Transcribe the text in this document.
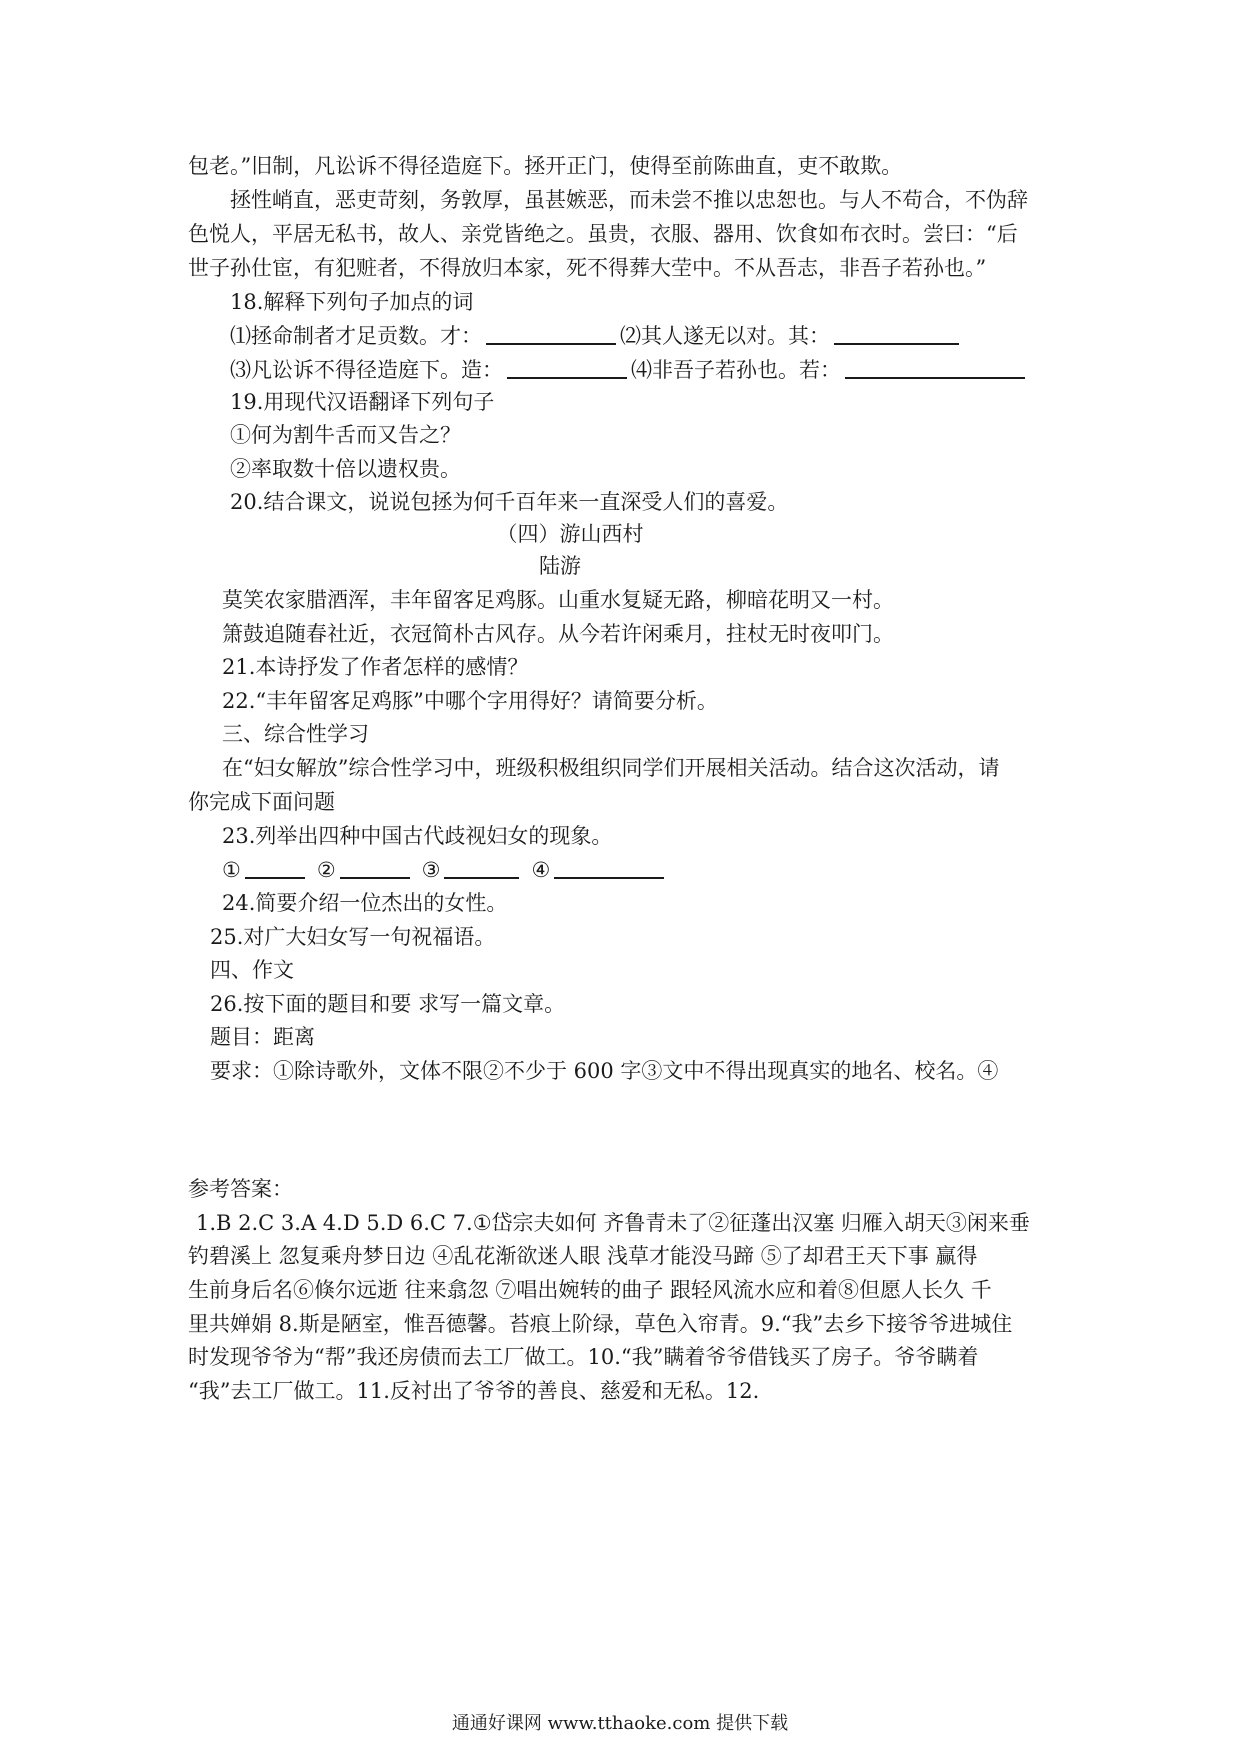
包老。”旧制，凡讼诉不得径造庭下。拯开正门，使得至前陈曲直，吏不敢欺。
拯性峭直，恶吏苛刻，务敦厚，虽甚嫉恶，而未尝不推以忠恕也。与人不苟合，不伪辞
色悦人，平居无私书，故人、亲党皆绝之。虽贵，衣服、器用、饮食如布衣时。尝曰：“后
世子孙仕宦，有犯赃者，不得放归本家，死不得葬大茔中。不从吾志，非吾子若孙也。”
18.解释下列句子加点的词
⑴拯命制者才足贡数。才：	⑵其人遂无以对。其：
⑶凡讼诉不得径造庭下。造：	⑷非吾子若孙也。若：
19.用现代汉语翻译下列句子
①何为割牛舌而又告之？
②率取数十倍以遗权贵。
20.结合课文，说说包拯为何千百年来一直深受人们的喜爱。
（四）游山西村
陆游
莫笑农家腊酒浑，丰年留客足鸡豚。山重水复疑无路，柳暗花明又一村。
箫鼓追随春社近，衣冠简朴古风存。从今若许闲乘月，拄杖无时夜叩门。
21.本诗抒发了作者怎样的感情？
22.“丰年留客足鸡豚”中哪个字用得好？请简要分析。
三、综合性学习
在“妇女解放”综合性学习中，班级积极组织同学们开展相关活动。结合这次活动，请
你完成下面问题
23.列举出四种中国古代歧视妇女的现象。
①	②	③	④
24.简要介绍一位杰出的女性。
25.对广大妇女写一句祝福语。
四、作文
26.按下面的题目和要 求写一篇文章。
题目：距离
要求：①除诗歌外，文体不限②不少于 600 字③文中不得出现真实的地名、校名。④
参考答案：
1.B 2.C 3.A 4.D 5.D 6.C 7.①岱宗夫如何 齐鲁青未了②征蓬出汉塞 归雁入胡天③闲来垂
钓碧溪上 忽复乘舟梦日边 ④乱花渐欲迷人眼 浅草才能没马蹄 ⑤了却君王天下事 赢得
生前身后名⑥倏尔远逝 往来翕忽 ⑦唱出婉转的曲子 跟轻风流水应和着⑧但愿人长久 千
里共婵娟 8.斯是陋室，惟吾德馨。苔痕上阶绿，草色入帘青。9.“我”去乡下接爷爷进城住
时发现爷爷为“帮”我还房债而去工厂做工。10.“我”瞒着爷爷借钱买了房子。爷爷瞒着
“我”去工厂做工。11.反衬出了爷爷的善良、慈爱和无私。12.
通通好课网 www.tthaoke.com 提供下载
